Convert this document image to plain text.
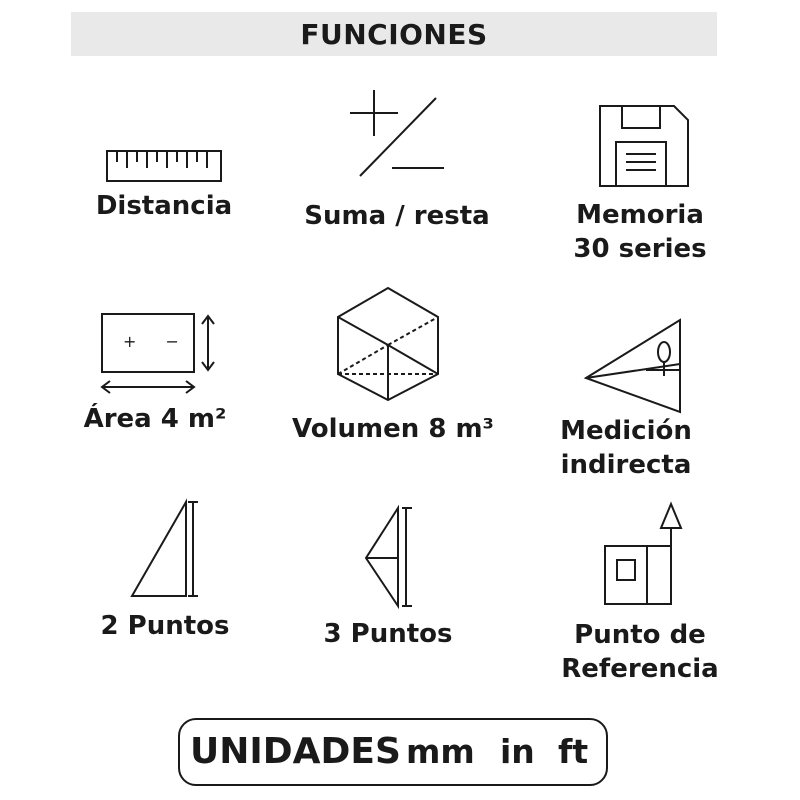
FUNCIONES
Distancia	Suma / resta	Memoria
30 series
+ −
Área 4 m²	Volumen 8 m³	Medición
indirecta
2 Puntos	3 Puntos	Punto de
Referencia
UNIDADES mm in ft
